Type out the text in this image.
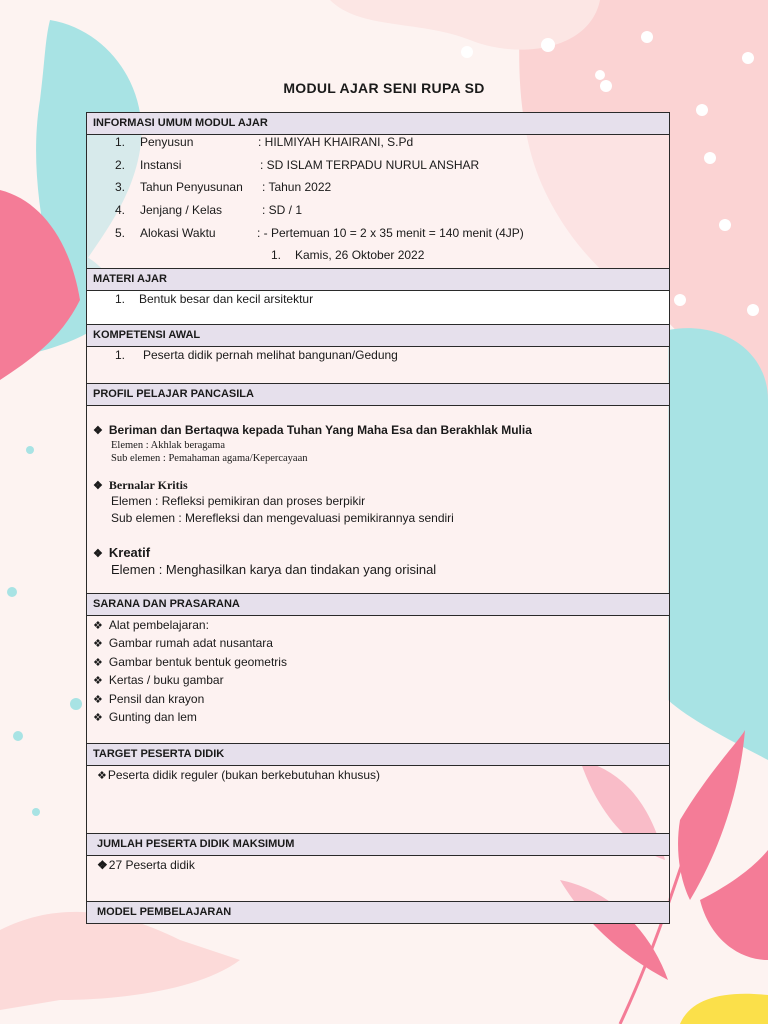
MODUL AJAR SENI RUPA SD
INFORMASI UMUM MODUL AJAR
1. Penyusun	: HILMIYAH KHAIRANI, S.Pd
2. Instansi	: SD ISLAM TERPADU NURUL ANSHAR
3. Tahun Penyusunan : Tahun 2022
4. Jenjang / Kelas	: SD / 1
5. Alokasi Waktu	: - Pertemuan 10 = 2 x 35 menit = 140 menit (4JP)
1. Kamis, 26 Oktober 2022
MATERI AJAR
1. Bentuk besar dan kecil arsitektur
KOMPETENSI AWAL
1. Peserta didik pernah melihat bangunan/Gedung
PROFIL PELAJAR PANCASILA
❖ Beriman dan Bertaqwa kepada Tuhan Yang Maha Esa dan Berakhlak Mulia
Elemen : Akhlak beragama
Sub elemen : Pemahaman agama/Kepercayaan
❖ Bernalar Kritis
Elemen : Refleksi pemikiran dan proses berpikir
Sub elemen : Merefleksi dan mengevaluasi pemikirannya sendiri
❖ Kreatif
Elemen : Menghasilkan karya dan tindakan yang orisinal
SARANA DAN PRASARANA
❖ Alat pembelajaran:
❖ Gambar rumah adat nusantara
❖ Gambar bentuk bentuk geometris
❖ Kertas / buku gambar
❖ Pensil dan krayon
❖ Gunting dan lem
TARGET PESERTA DIDIK
❖Peserta didik reguler (bukan berkebutuhan khusus)
JUMLAH PESERTA DIDIK MAKSIMUM
❖27 Peserta didik
MODEL PEMBELAJARAN
